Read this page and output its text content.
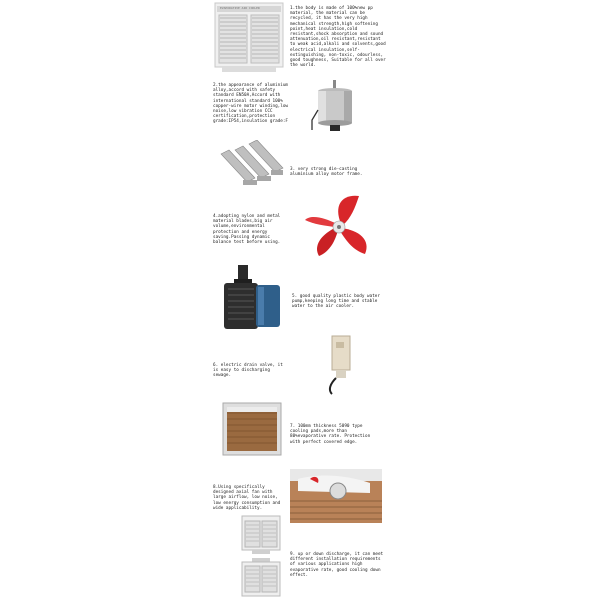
EVAPORATIVE AIR COOLER	1.the body is made of 100%new pp material, the material can be recycled, it has the very high mechanical strength,high softening point,heat insulation,cold resistant,shock absorption and sound attenuation,oil resistant,resistant to weak acid,alkali and solvents,good electrical insulation,self-extinguishing, non-toxic, odourless, good toughness, Suitable for all over the world.
2.the appearance of aluminium alloy,accord with safety standard EN50A,Accord with international standard 100% copper-wire motor winding,low noise,low vibration CCC certification,protection grade:IP54,insulation grade:F
3. very strong die-casting aluminium alloy motor frame.
4.adopting nylon and metal material blades,big air volume,environmental protection and energy saving.Passing dynamic balance test before using.
5. good quality plastic body water pump,keeping long time and stable water to the air cooler.
6. electric drain valve, it is easy to discharging sewage.
7. 100mm thickness 5090 type cooling pads,more than 80%evaporative rate. Protection with perfect covered edge.
8.Using specifically designed axial fan with large airflow, low noise, low energy consumption and wide applicability.
9. up or down discharge, it can meet different installation requirements of various applications high evaporative rate, good cooling down effect.
